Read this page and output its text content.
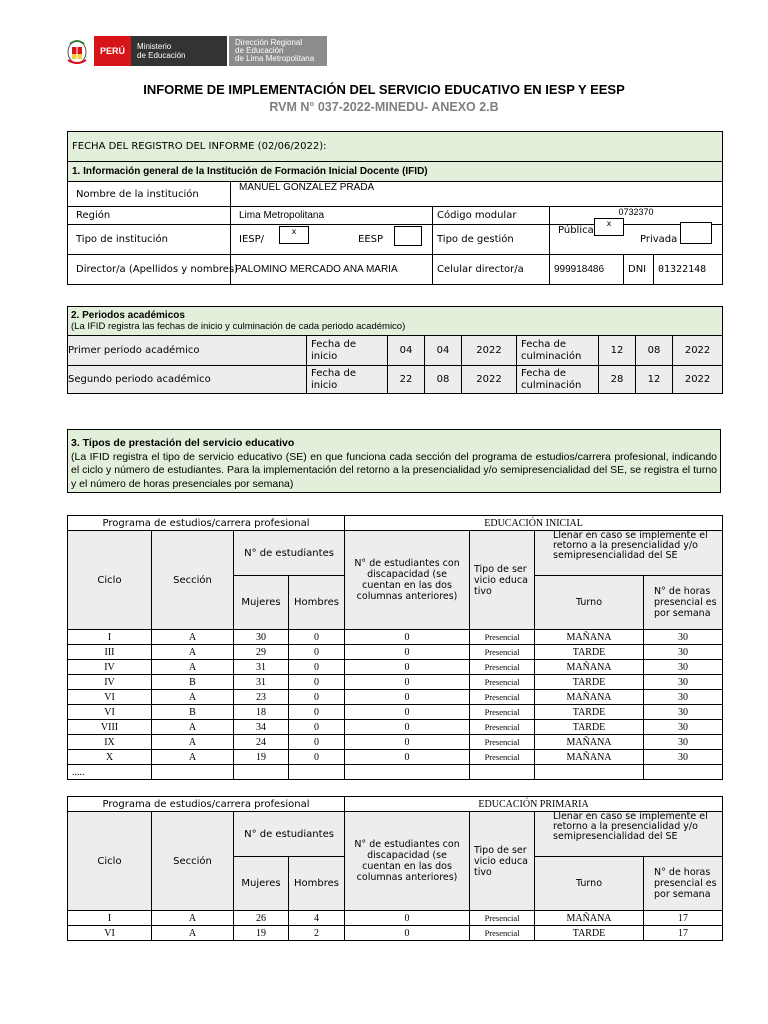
PERÚ	Ministerio
de Educación
Dirección Regional
de Educación
de Lima Metropolitana
INFORME DE IMPLEMENTACIÓN DEL SERVICIO EDUCATIVO EN IESP Y EESP
RVM N° 037-2022-MINEDU- ANEXO 2.B
FECHA DEL REGISTRO DEL INFORME (02/06/2022):					
1. Información general de la Institución de Formación Inicial Docente (IFID)					
Nombre de la institución	MANUEL GONZALEZ PRADA				
Región	Lima Metropolitana	Código modular	0732370		
Tipo de institución	IESP/
x
EESP	Tipo de gestión	Pública
x
Privada		

Director/a (Apellidos y nombres)	PALOMINO MERCADO ANA MARIA	Celular director/a	999918486	DNI	01322148
2. Periodos académicos
(La IFID registra las fechas de inicio y culminación de cada periodo académico)								

Primer periodo académico	Fecha de
inicio	04	04	2022	Fecha de
culminación	12	08	2022
Segundo periodo académico	Fecha de
inicio	22	08	2022	Fecha de
culminación	28	12	2022
3. Tipos de prestación del servicio educativo
(La IFID registra el tipo de servicio educativo (SE) en que funciona cada sección del programa de estudios/carrera profesional, indicando el ciclo y número de estudiantes. Para la implementación del retorno a la presencialidad y/o semipresencialidad del SE, se registra el turno y el número de horas presenciales por semana)
Programa de estudios/carrera profesional				EDUCACIÓN INICIAL			
Ciclo	Sección	N° de estudiantes		N° de estudiantes con discapacidad (se cuentan en las dos columnas anteriores)	Tipo de servicio educativo	Llenar en caso se implemente el retorno a la presencialidad y/o semipresencialidad del SE	
		Mujeres	Hombres			Turno	N° de horas presencial es por semana
I	A	30	0	0	Presencial	MAÑANA	30
III	A	29	0	0	Presencial	TARDE	30
IV	A	31	0	0	Presencial	MAÑANA	30
IV	B	31	0	0	Presencial	TARDE	30
VI	A	23	0	0	Presencial	MAÑANA	30
VI	B	18	0	0	Presencial	TARDE	30
VIII	A	34	0	0	Presencial	TARDE	30
IX	A	24	0	0	Presencial	MAÑANA	30
X	A	19	0	0	Presencial	MAÑANA	30
.....							
Programa de estudios/carrera profesional				EDUCACIÓN PRIMARIA			
Ciclo	Sección	N° de estudiantes		N° de estudiantes con discapacidad (se cuentan en las dos columnas anteriores)	Tipo de servicio educativo	Llenar en caso se implemente el retorno a la presencialidad y/o semipresencialidad del SE	
		Mujeres	Hombres			Turno	N° de horas presencial es por semana
I	A	26	4	0	Presencial	MAÑANA	17
VI	A	19	2	0	Presencial	TARDE	17
